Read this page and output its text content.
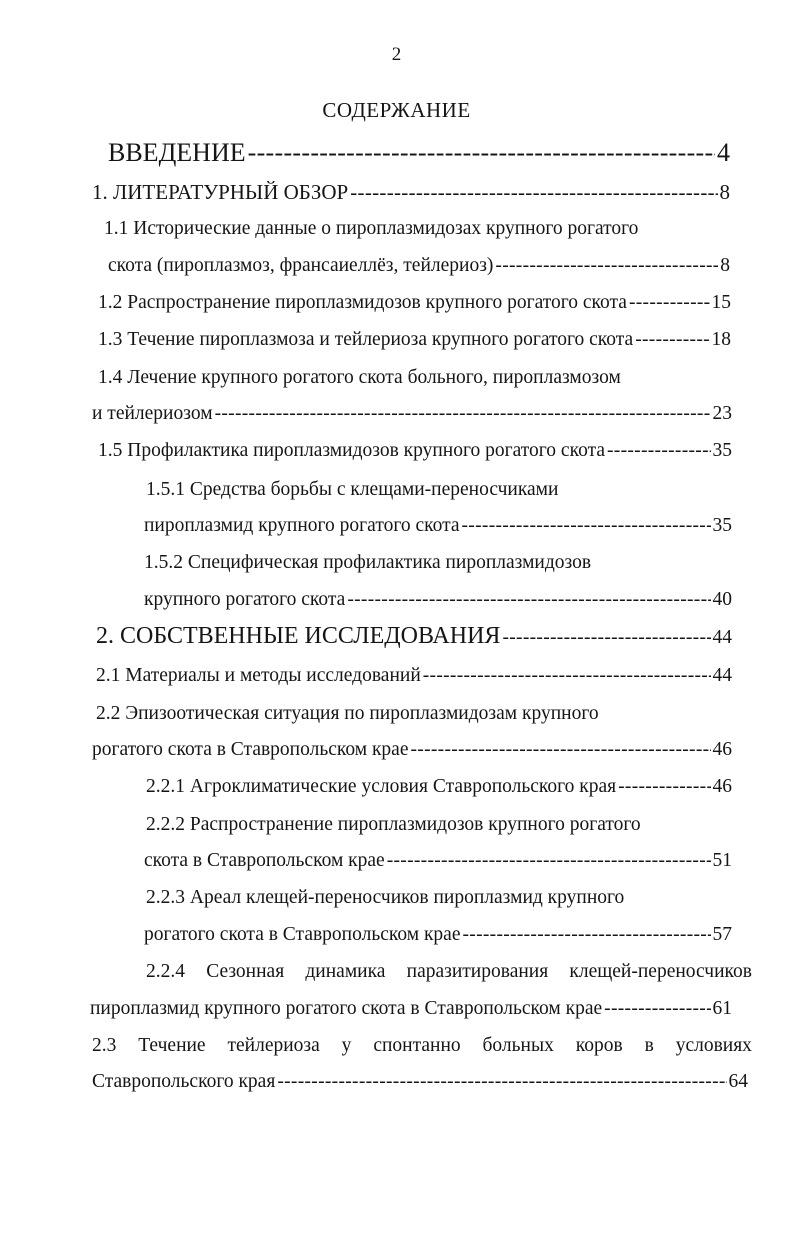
2
СОДЕРЖАНИЕ
ВВЕДЕНИЕ -----	4
1. ЛИТЕРАТУРНЫЙ ОБЗОР -----	8
1.1 Исторические данные о пироплазмидозах крупного рогатого
скота (пироплазмоз, франсаиеллёз, тейлериоз) -----	8
1.2 Распространение пироплазмидозов крупного рогатого скота -----	15
1.3 Течение пироплазмоза и тейлериоза крупного рогатого скота -----	18
1.4 Лечение крупного рогатого скота больного, пироплазмозом
и тейлериозом -----	23
1.5 Профилактика пироплазмидозов крупного рогатого скота -----	35
1.5.1 Средства борьбы с клещами-переносчиками
пироплазмид крупного рогатого скота -----	35
1.5.2 Специфическая профилактика пироплазмидозов
крупного рогатого скота -----	40
2. СОБСТВЕННЫЕ ИССЛЕДОВАНИЯ -----	44
2.1 Материалы и методы исследований -----	44
2.2 Эпизоотическая ситуация по пироплазмидозам крупного
рогатого скота в Ставропольском крае -----	46
2.2.1 Агроклиматические условия Ставропольского края -----	46
2.2.2 Распространение пироплазмидозов крупного рогатого
скота в Ставропольском крае -----	51
2.2.3 Ареал клещей-переносчиков пироплазмид крупного
рогатого скота в Ставропольском крае -----	57
2.2.4 Сезонная динамика паразитирования клещей-переносчиков
пироплазмид крупного рогатого скота в Ставропольском крае -----	61
2.3 Течение тейлериоза у спонтанно больных коров в условиях
Ставропольского края -----	64
